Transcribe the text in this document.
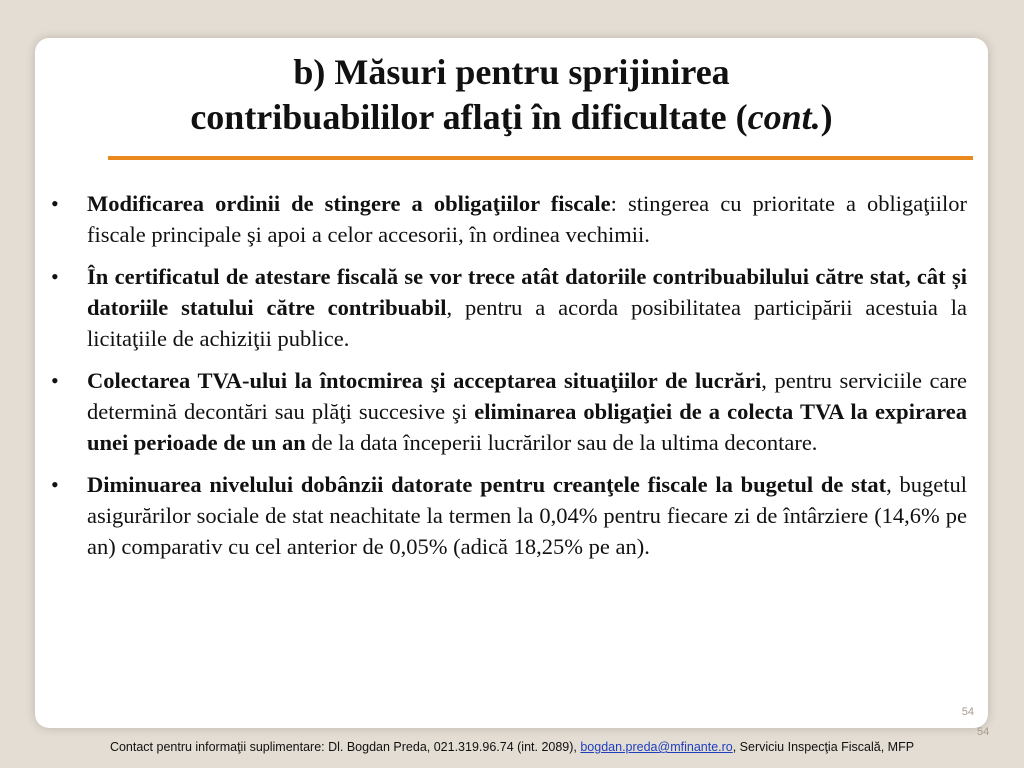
b) Măsuri pentru sprijinirea
contribuabililor aflaţi în dificultate (cont.)
• Modificarea ordinii de stingere a obligaţiilor fiscale: stingerea cu prioritate a obligaţiilor fiscale principale şi apoi a celor accesorii, în ordinea vechimii.
• În certificatul de atestare fiscală se vor trece atât datoriile contribuabilului către stat, cât și datoriile statului către contribuabil, pentru a acorda posibilitatea participării acestuia la licitaţiile de achiziţii publice.
• Colectarea TVA-ului la întocmirea şi acceptarea situaţiilor de lucrări, pentru serviciile care determină decontări sau plăţi succesive şi eliminarea obligaţiei de a colecta TVA la expirarea unei perioade de un an de la data începerii lucrărilor sau de la ultima decontare.
• Diminuarea nivelului dobânzii datorate pentru creanţele fiscale la bugetul de stat, bugetul asigurărilor sociale de stat neachitate la termen la 0,04% pentru fiecare zi de întârziere (14,6% pe an) comparativ cu cel anterior de 0,05% (adică 18,25% pe an).
54
54
Contact pentru informaţii suplimentare: Dl. Bogdan Preda, 021.319.96.74 (int. 2089), bogdan.preda@mfinante.ro, Serviciu Inspecţia Fiscală, MFP
